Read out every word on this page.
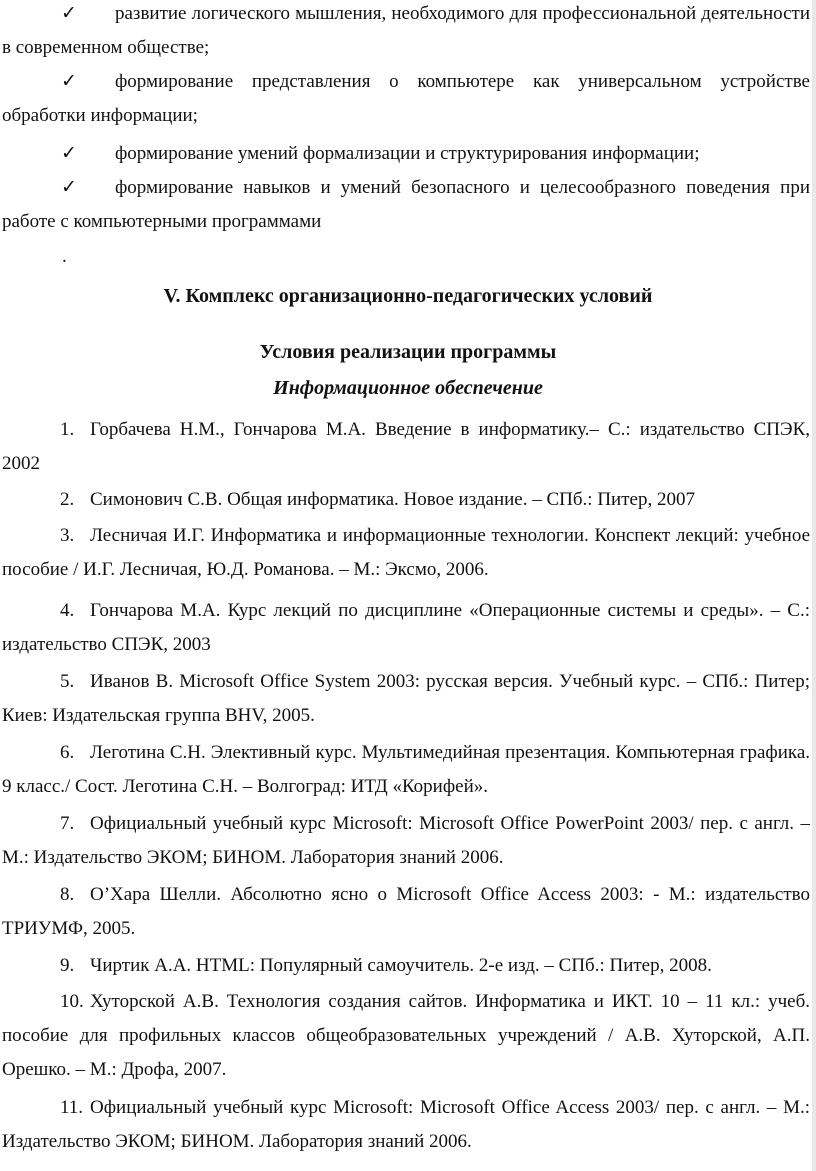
✓ развитие логического мышления, необходимого для профессиональной деятельности в современном обществе;

✓ формирование представления о компьютере как универсальном устройстве обработки информации;

✓ формирование умений формализации и структурирования информации;

✓ формирование навыков и умений безопасного и целесообразного поведения при работе с компьютерными программами

.
V. Комплекс организационно-педагогических условий
Условия реализации программы
Информационное обеспечение

1. Горбачева Н.М., Гончарова М.А. Введение в информатику.– С.: издательство СПЭК, 2002

2. Симонович С.В. Общая информатика. Новое издание. – СПб.: Питер, 2007

3. Лесничая И.Г. Информатика и информационные технологии. Конспект лекций: учебное пособие / И.Г. Лесничая, Ю.Д. Романова. – М.: Эксмо, 2006.

4. Гончарова М.А. Курс лекций по дисциплине «Операционные системы и среды». – С.: издательство СПЭК, 2003

5. Иванов В. Microsoft Office System 2003: русская версия. Учебный курс. – СПб.: Питер; Киев: Издательская группа BHV, 2005.

6. Леготина С.Н. Элективный курс. Мультимедийная презентация. Компьютерная графика. 9 класс./ Сост. Леготина С.Н. – Волгоград: ИТД «Корифей».

7. Официальный учебный курс Microsoft: Microsoft Office PowerPoint 2003/ пер. с англ. – М.: Издательство ЭКОМ; БИНОМ. Лаборатория знаний 2006.

8. О’Хара Шелли. Абсолютно ясно о Microsoft Office Access 2003: - М.: издательство ТРИУМФ, 2005.

9. Чиртик А.А. HTML: Популярный самоучитель. 2-е изд. – СПб.: Питер, 2008.

10. Хуторской А.В. Технология создания сайтов. Информатика и ИКТ. 10 – 11 кл.: учеб. пособие для профильных классов общеобразовательных учреждений / А.В. Хуторской, А.П. Орешко. – М.: Дрофа, 2007.

11. Официальный учебный курс Microsoft: Microsoft Office Access 2003/ пер. с англ. – М.: Издательство ЭКОМ; БИНОМ. Лаборатория знаний 2006.
